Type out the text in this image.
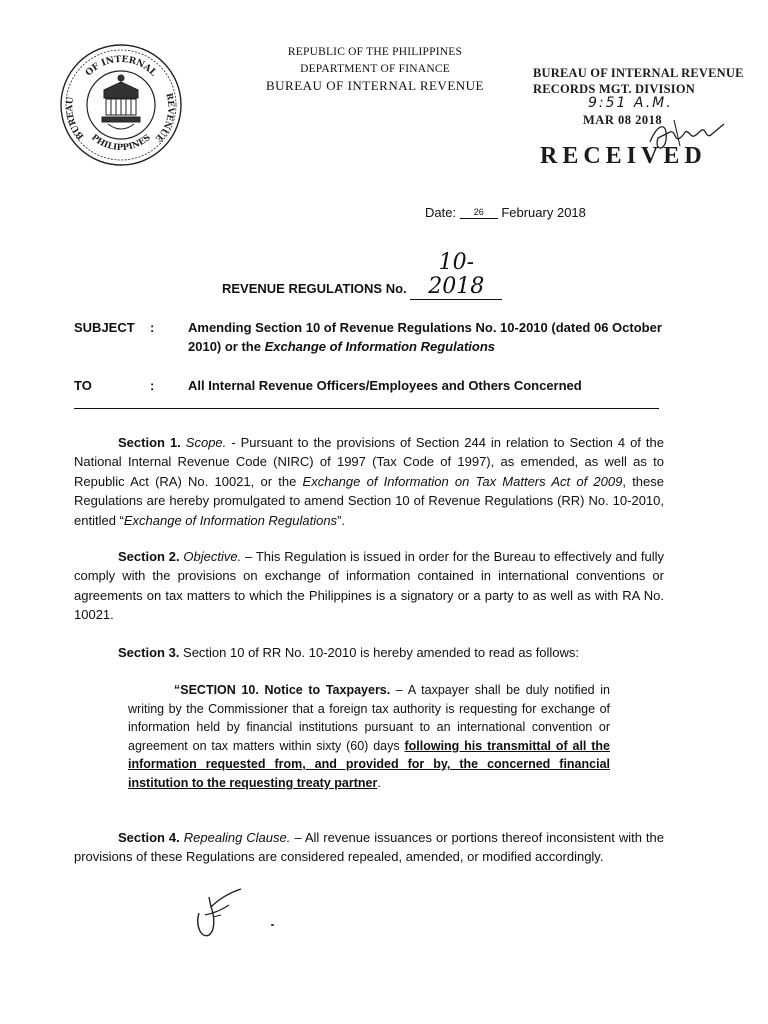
OF INTERNAL
BUREAU	REVENUE
PHILIPPINES
REPUBLIC OF THE PHILIPPINES
DEPARTMENT OF FINANCE
BUREAU OF INTERNAL REVENUE
BUREAU OF INTERNAL REVENUE
RECORDS MGT. DIVISION
9:51 A.M.
MAR 08 2018
RECEIVED
Date: 26 February 2018
REVENUE REGULATIONS No. 10- 2018
SUBJECT :	Amending Section 10 of Revenue Regulations No. 10-2010 (dated 06 October 2010) or the Exchange of Information Regulations
TO	:	All Internal Revenue Officers/Employees and Others Concerned
Section 1. Scope. - Pursuant to the provisions of Section 244 in relation to Section 4 of the National Internal Revenue Code (NIRC) of 1997 (Tax Code of 1997), as emended, as well as to Republic Act (RA) No. 10021, or the Exchange of Information on Tax Matters Act of 2009, these Regulations are hereby promulgated to amend Section 10 of Revenue Regulations (RR) No. 10-2010, entitled “Exchange of Information Regulations”.
Section 2. Objective. – This Regulation is issued in order for the Bureau to effectively and fully comply with the provisions on exchange of information contained in international conventions or agreements on tax matters to which the Philippines is a signatory or a party to as well as with RA No. 10021.
Section 3. Section 10 of RR No. 10-2010 is hereby amended to read as follows:
“SECTION 10. Notice to Taxpayers. – A taxpayer shall be duly notified in writing by the Commissioner that a foreign tax authority is requesting for exchange of information held by financial institutions pursuant to an international convention or agreement on tax matters within sixty (60) days following his transmittal of all the information requested from, and provided for by, the concerned financial institution to the requesting treaty partner.
Section 4. Repealing Clause. – All revenue issuances or portions thereof inconsistent with the provisions of these Regulations are considered repealed, amended, or modified accordingly.
